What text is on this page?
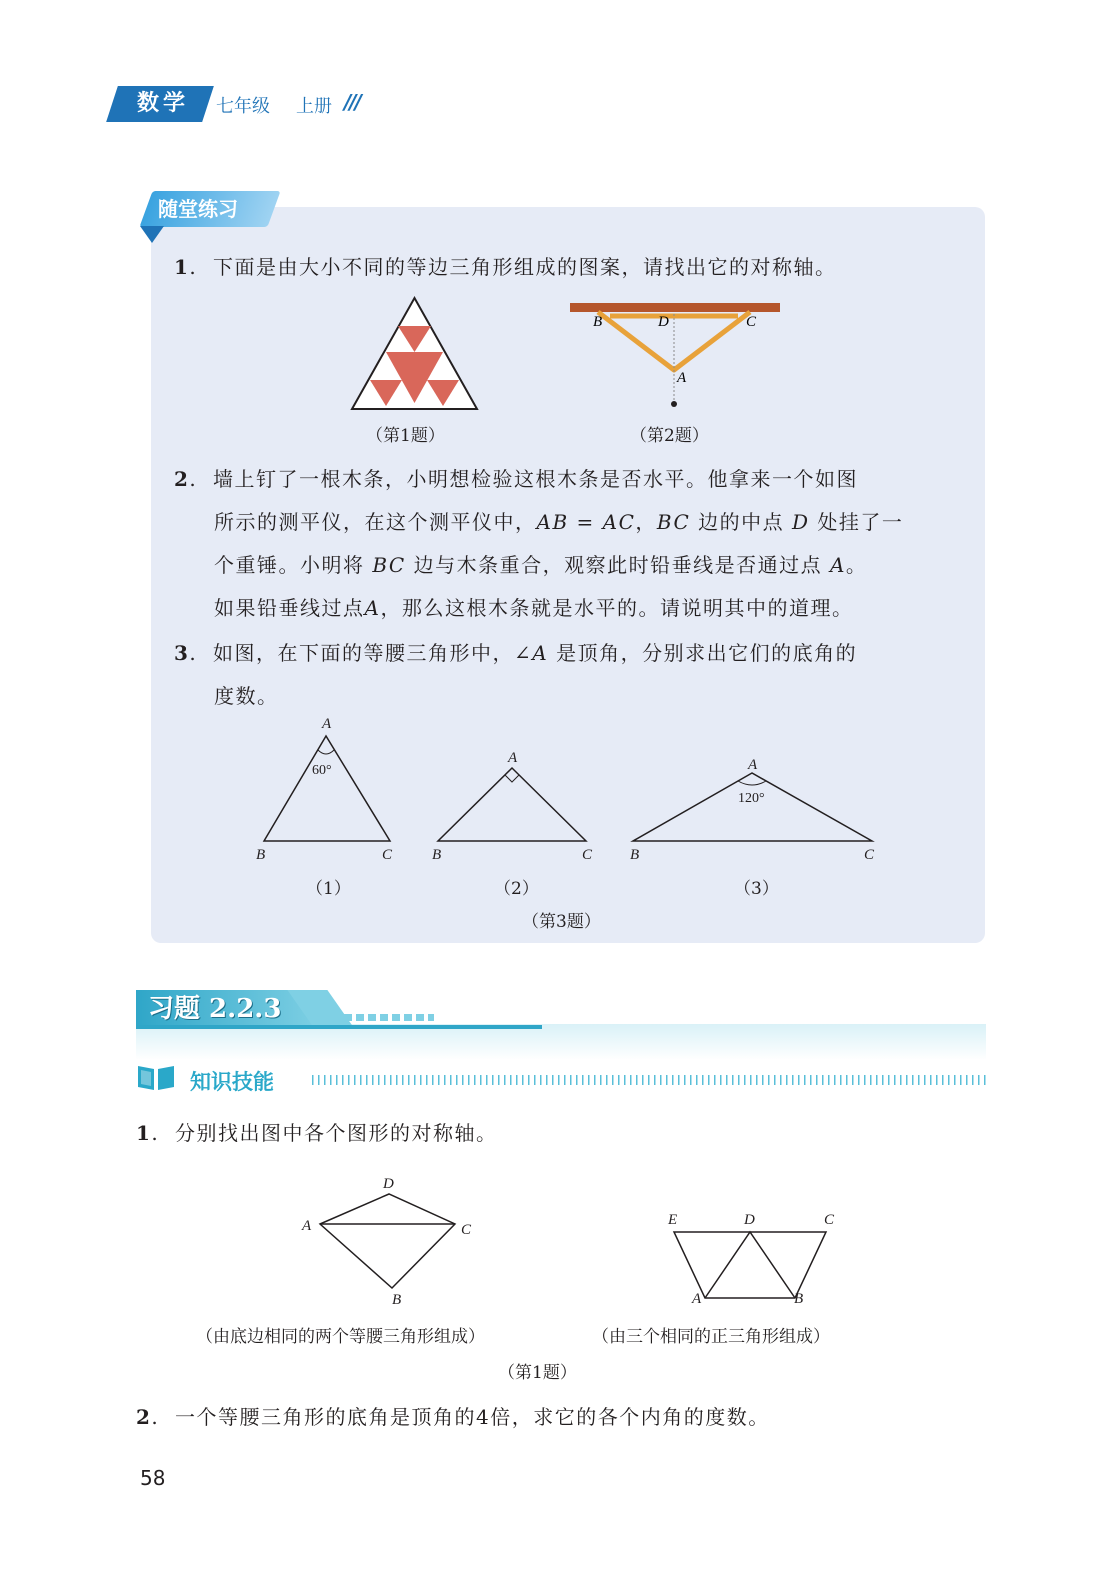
数学	七年级 上册 ///
随堂练习
1.  下面是由大小不同的等边三角形组成的图案，请找出它的对称轴。
（第1题）
B	D	C
A
（第2题）
2.  墙上钉了一根木条，小明想检验这根木条是否水平。他拿来一个如图
所示的测平仪，在这个测平仪中，AB = AC，BC 边的中点 D 处挂了一
个重锤。小明将 BC 边与木条重合，观察此时铅垂线是否通过点 A。
如果铅垂线过点A，那么这根木条就是水平的。请说明其中的道理。
3.  如图，在下面的等腰三角形中，∠A 是顶角，分别求出它们的底角的
度数。
A
60°
B	C
A
B	C
A
120°
B	C
（1）	（2）	（3）
（第3题）
习题 2.2.3
知识技能
1.  分别找出图中各个图形的对称轴。
D
A	C
B
E	D	C
A	B
（由底边相同的两个等腰三角形组成）	（由三个相同的正三角形组成）
（第1题）
2.  一个等腰三角形的底角是顶角的4倍，求它的各个内角的度数。
58
